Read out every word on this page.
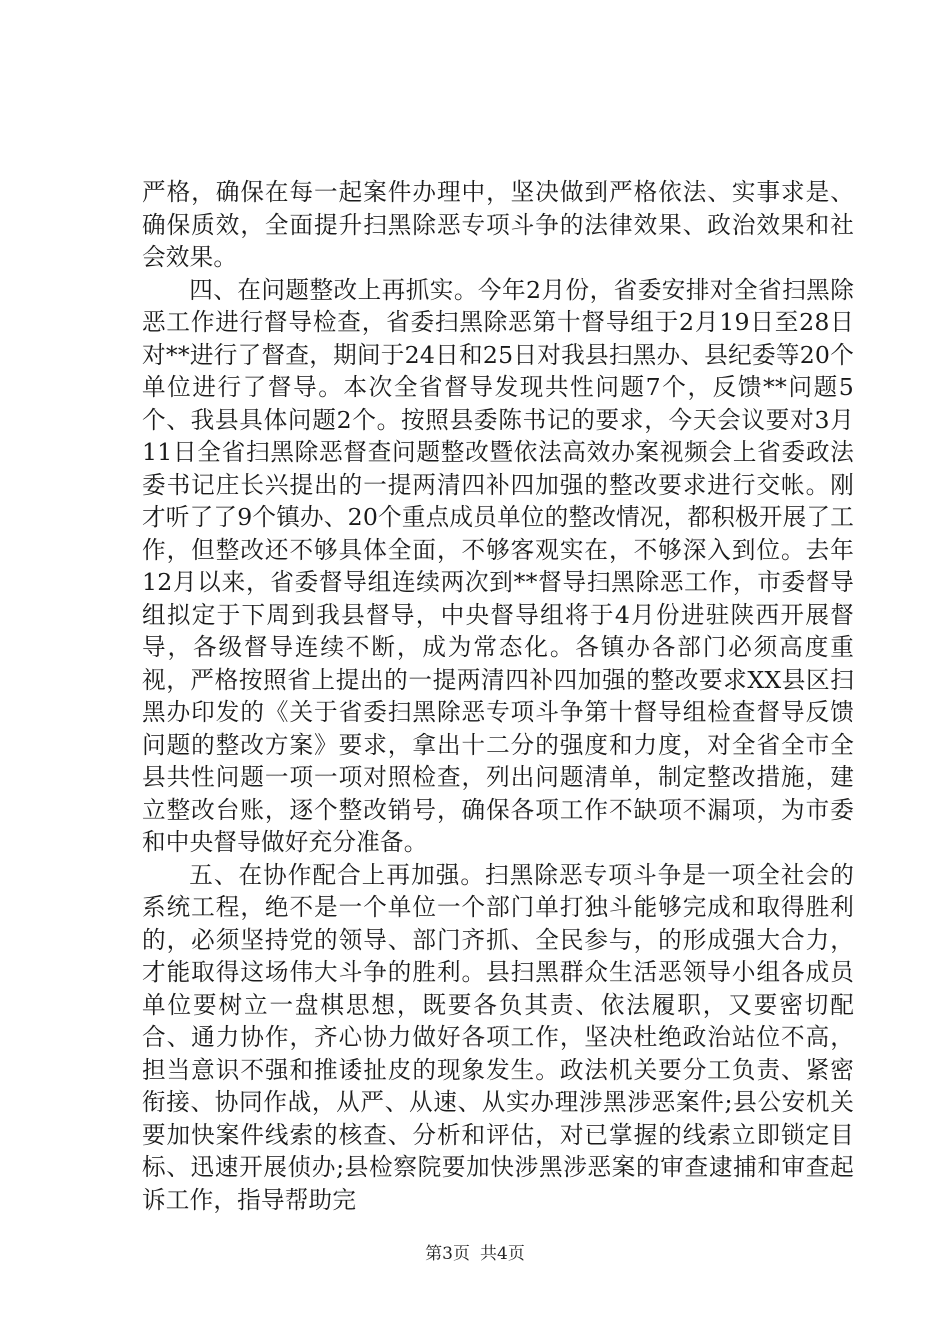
严格，确保在每一起案件办理中，坚决做到严格依法、实事求是、确保质效，全面提升扫黑除恶专项斗争的法律效果、政治效果和社会效果。

四、在问题整改上再抓实。今年2月份，省委安排对全省扫黑除恶工作进行督导检查，省委扫黑除恶第十督导组于2月19日至28日对**进行了督查，期间于24日和25日对我县扫黑办、县纪委等20个单位进行了督导。本次全省督导发现共性问题7个，反馈**问题5个、我县具体问题2个。按照县委陈书记的要求，今天会议要对3月11日全省扫黑除恶督查问题整改暨依法高效办案视频会上省委政法委书记庄长兴提出的一提两清四补四加强的整改要求进行交帐。刚才听了了9个镇办、20个重点成员单位的整改情况，都积极开展了工作，但整改还不够具体全面，不够客观实在，不够深入到位。去年12月以来，省委督导组连续两次到**督导扫黑除恶工作，市委督导组拟定于下周到我县督导，中央督导组将于4月份进驻陕西开展督导，各级督导连续不断，成为常态化。各镇办各部门必须高度重视，严格按照省上提出的一提两清四补四加强的整改要求XX县区扫黑办印发的《关于省委扫黑除恶专项斗争第十督导组检查督导反馈问题的整改方案》要求，拿出十二分的强度和力度，对全省全市全县共性问题一项一项对照检查，列出问题清单，制定整改措施，建立整改台账，逐个整改销号，确保各项工作不缺项不漏项，为市委和中央督导做好充分准备。

五、在协作配合上再加强。扫黑除恶专项斗争是一项全社会的系统工程，绝不是一个单位一个部门单打独斗能够完成和取得胜利的，必须坚持党的领导、部门齐抓、全民参与，的形成强大合力，才能取得这场伟大斗争的胜利。县扫黑群众生活恶领导小组各成员单位要树立一盘棋思想，既要各负其责、依法履职，又要密切配合、通力协作，齐心协力做好各项工作，坚决杜绝政治站位不高，担当意识不强和推诿扯皮的现象发生。政法机关要分工负责、紧密衔接、协同作战，从严、从速、从实办理涉黑涉恶案件;县公安机关要加快案件线索的核查、分析和评估，对已掌握的线索立即锁定目标、迅速开展侦办;县检察院要加快涉黑涉恶案的审查逮捕和审查起诉工作，指导帮助完

第3页 共4页
